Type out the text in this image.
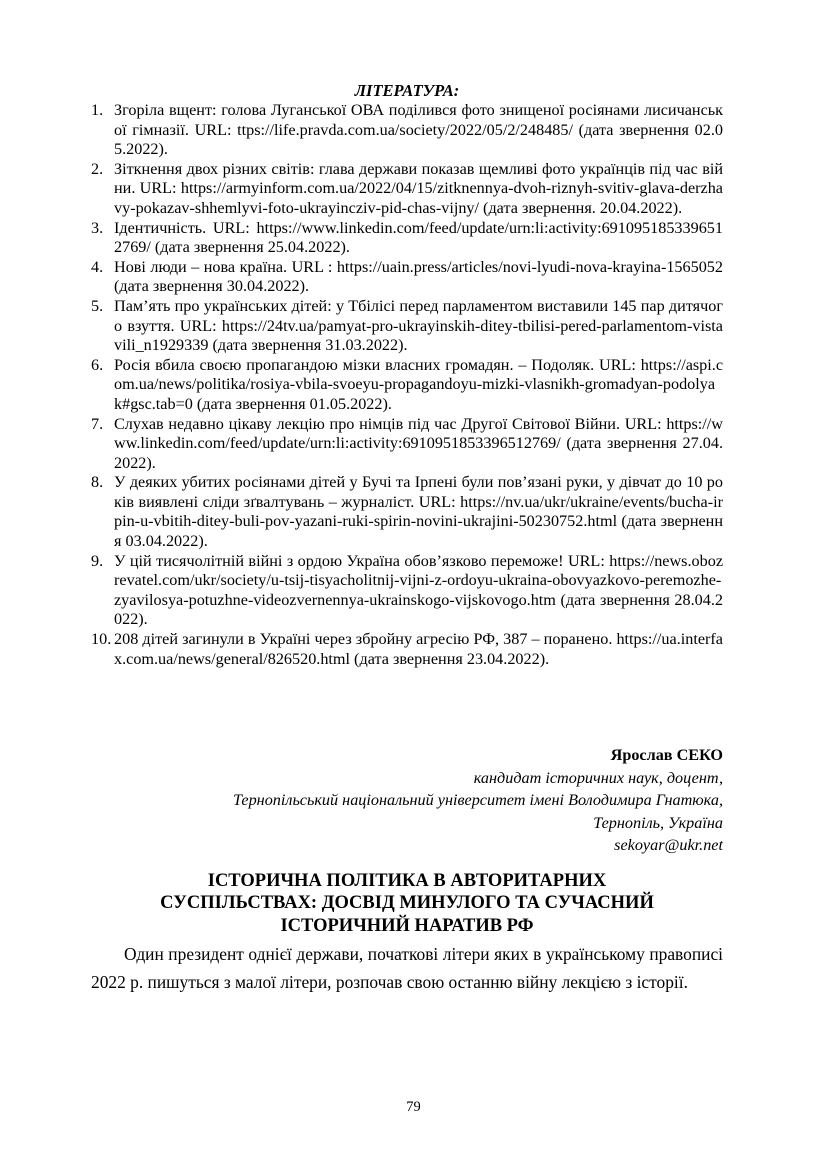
ЛІТЕРАТУРА:
1. Згоріла вщент: голова Луганської ОВА поділився фото знищеної росіянами лисичанської гімназії. URL: ttps://life.pravda.com.ua/society/2022/05/2/248485/ (дата звернення 02.05.2022).
2. Зіткнення двох різних світів: глава держави показав щемливі фото українців під час війни. URL: https://armyinform.com.ua/2022/04/15/zitknennya-dvoh-riznyh-svitiv-glava-derzhavy-pokazav-shhemlyvi-foto-ukrayincziv-pid-chas-vijny/ (дата звернення. 20.04.2022).
3. Ідентичність. URL: https://www.linkedin.com/feed/update/urn:li:activity:6910951853396512769/ (дата звернення 25.04.2022).
4. Нові люди – нова країна. URL : https://uain.press/articles/novi-lyudi-nova-krayina-1565052 (дата звернення 30.04.2022).
5. Пам’ять про українських дітей: у Тбілісі перед парламентом виставили 145 пар дитячого взуття. URL: https://24tv.ua/pamyat-pro-ukrayinskih-ditey-tbilisi-pered-parlamentom-vistavili_n1929339 (дата звернення 31.03.2022).
6. Росія вбила своєю пропагандою мізки власних громадян. – Подоляк. URL: https://aspi.com.ua/news/politika/rosiya-vbila-svoeyu-propagandoyu-mizki-vlasnikh-gromadyan-podolyak#gsc.tab=0 (дата звернення 01.05.2022).
7. Слухав недавно цікаву лекцію про німців під час Другої Світової Війни. URL: https://www.linkedin.com/feed/update/urn:li:activity:6910951853396512769/ (дата звернення 27.04.2022).
8. У деяких убитих росіянами дітей у Бучі та Ірпені були пов’язані руки, у дівчат до 10 років виявлені сліди зґвалтувань – журналіст. URL: https://nv.ua/ukr/ukraine/events/bucha-irpin-u-vbitih-ditey-buli-pov-yazani-ruki-spirin-novini-ukrajini-50230752.html (дата звернення 03.04.2022).
9. У цій тисячолітній війні з ордою Україна обов’язково переможе! URL: https://news.obozrevatel.com/ukr/society/u-tsij-tisyacholitnij-vijni-z-ordoyu-ukraina-obovyazkovo-peremozhe-zyavilosya-potuzhne-videozvernennya-ukrainskogo-vijskovogo.htm (дата звернення 28.04.2022).
10. 208 дітей загинули в Україні через збройну агресію РФ, 387 – поранено. https://ua.interfax.com.ua/news/general/826520.html (дата звернення 23.04.2022).
Ярослав СЕКО
кандидат історичних наук, доцент,
Тернопільський національний університет імені Володимира Гнатюка,
Тернопіль, Україна
sekoyar@ukr.net
ІСТОРИЧНА ПОЛІТИКА В АВТОРИТАРНИХ СУСПІЛЬСТВАХ: ДОСВІД МИНУЛОГО ТА СУЧАСНИЙ ІСТОРИЧНИЙ НАРАТИВ РФ

Один президент однієї держави, початкові літери яких в українському правописі 2022 р. пишуться з малої літери, розпочав свою останню війну лекцією з історії.

79
